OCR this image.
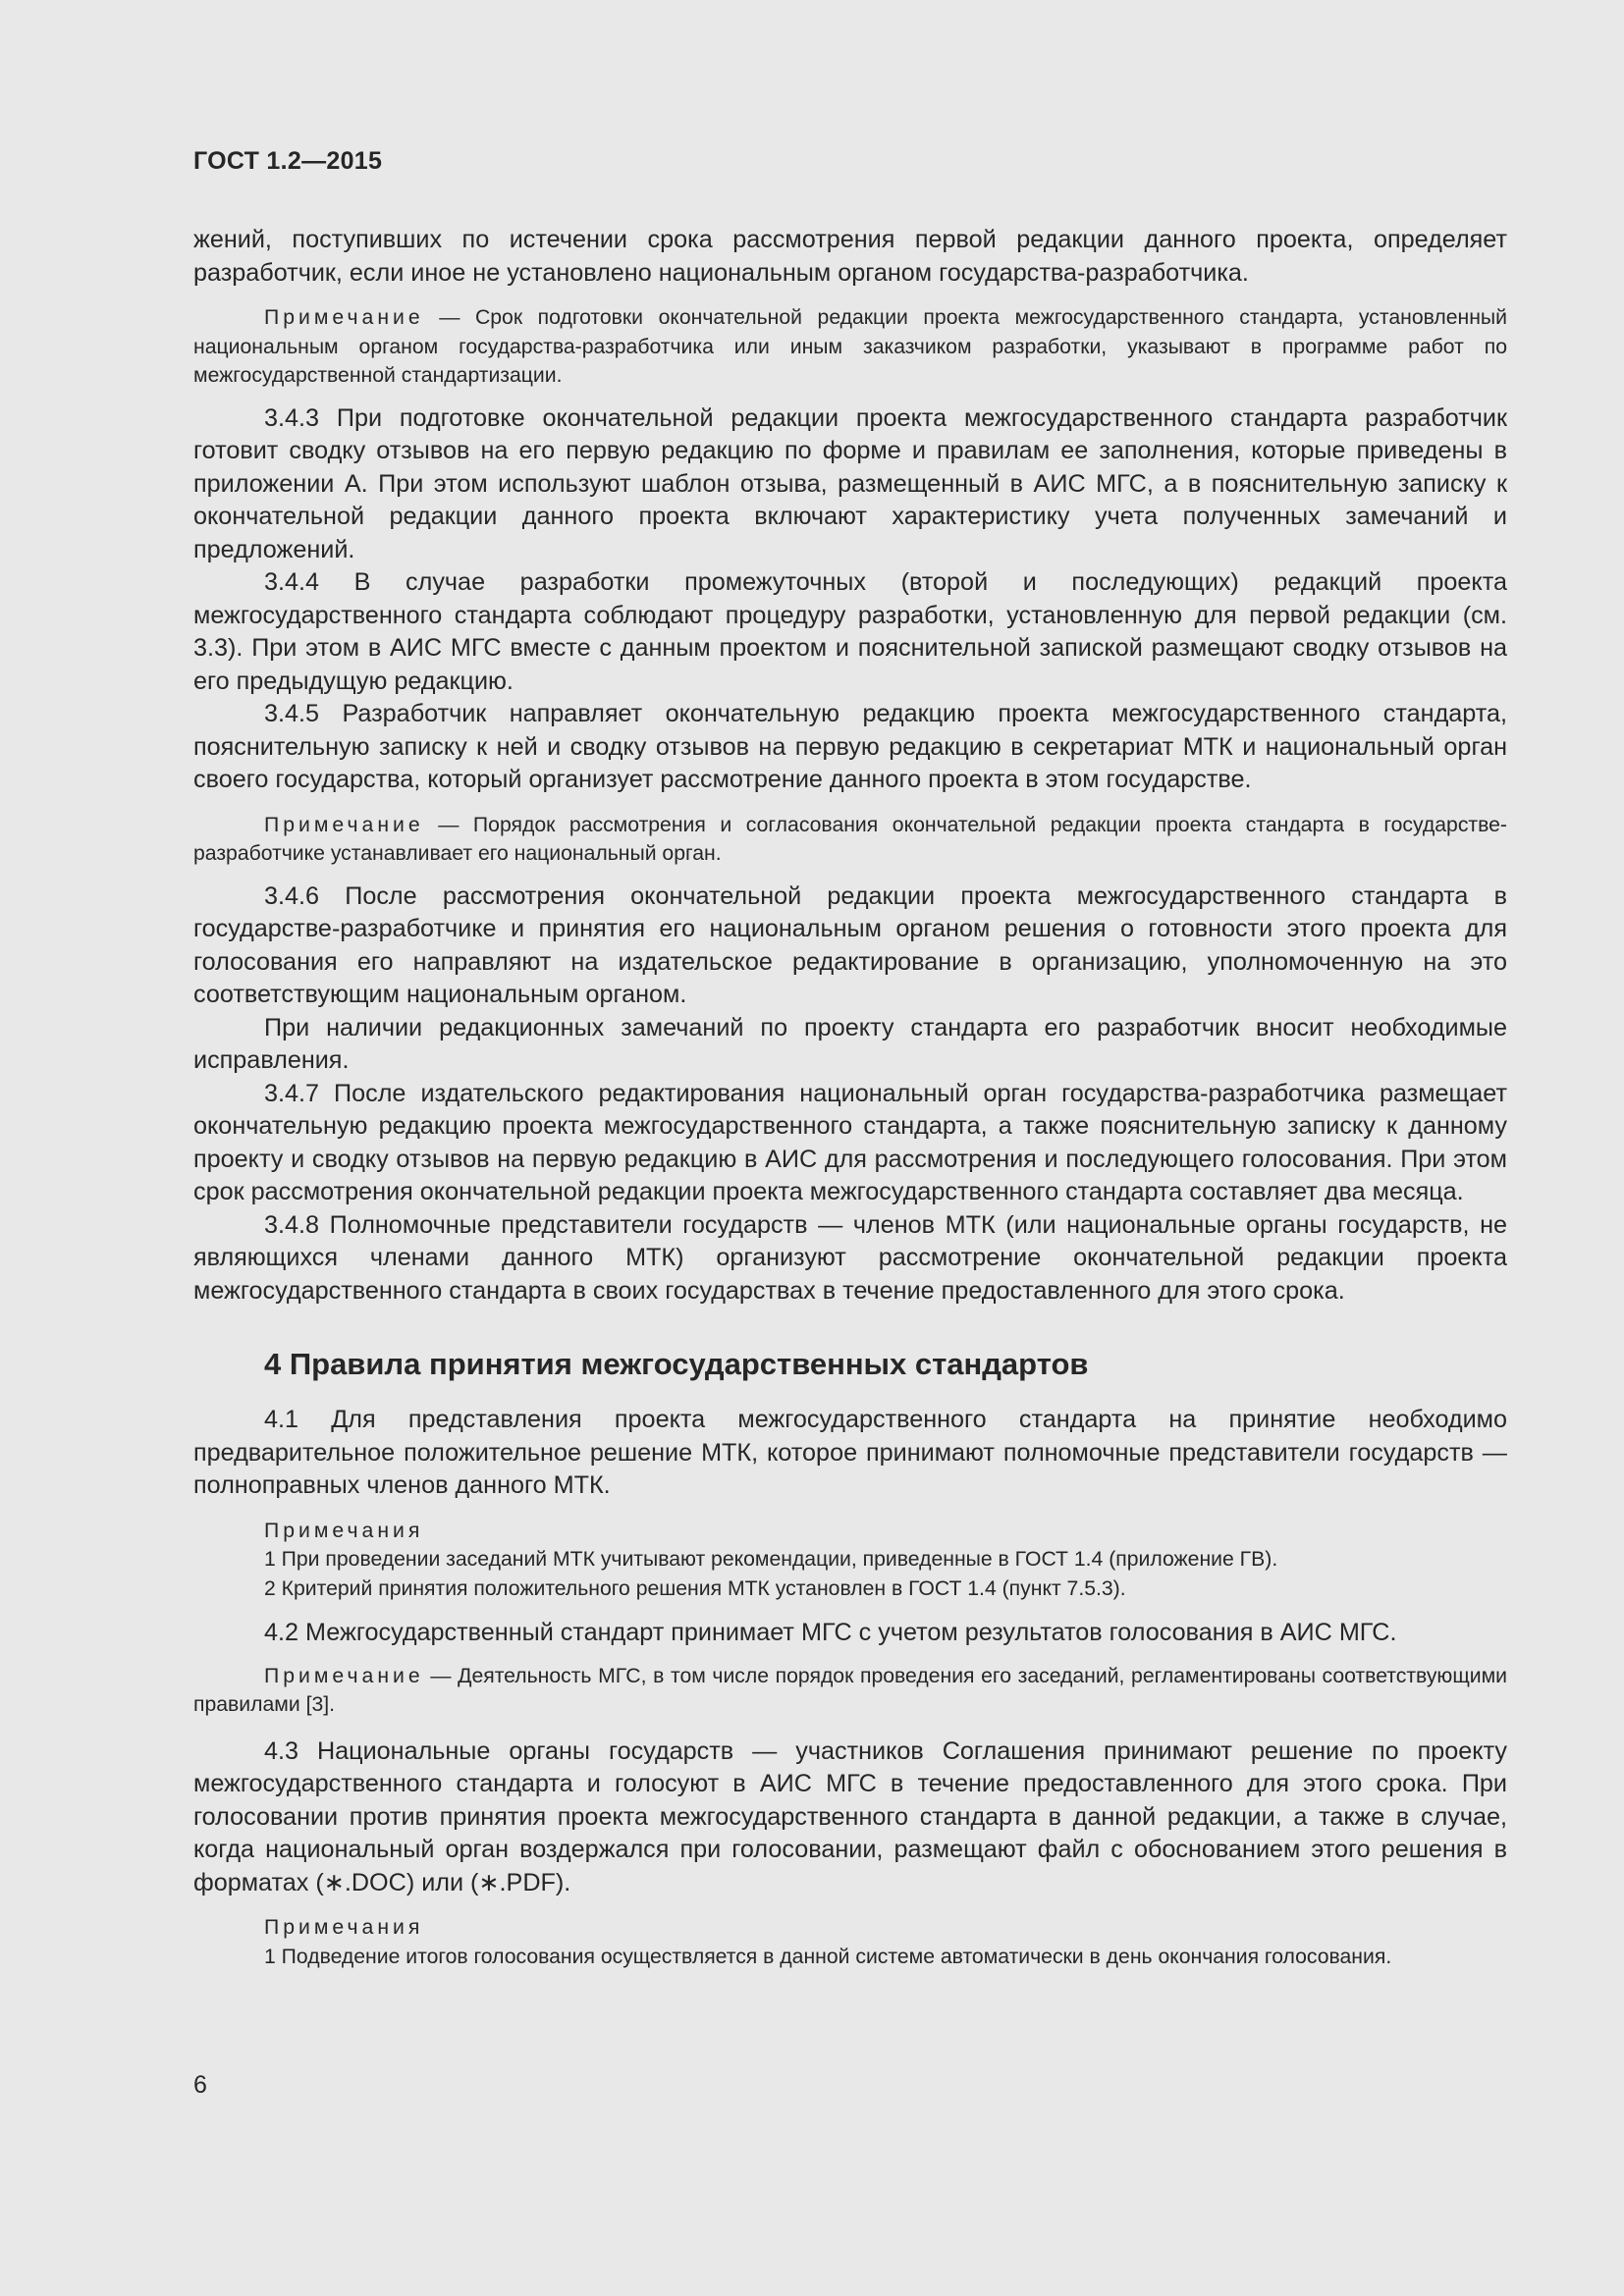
ГОСТ 1.2—2015

жений, поступивших по истечении срока рассмотрения первой редакции данного проекта, определяет разработчик, если иное не установлено национальным органом государства-разработчика.

Примечание — Срок подготовки окончательной редакции проекта межгосударственного стандарта, установленный национальным органом государства-разработчика или иным заказчиком разработки, указывают в программе работ по межгосударственной стандартизации.

3.4.3 При подготовке окончательной редакции проекта межгосударственного стандарта разработчик готовит сводку отзывов на его первую редакцию по форме и правилам ее заполнения, которые приведены в приложении А. При этом используют шаблон отзыва, размещенный в АИС МГС, а в пояснительную записку к окончательной редакции данного проекта включают характеристику учета полученных замечаний и предложений.

3.4.4 В случае разработки промежуточных (второй и последующих) редакций проекта межгосударственного стандарта соблюдают процедуру разработки, установленную для первой редакции (см. 3.3). При этом в АИС МГС вместе с данным проектом и пояснительной запиской размещают сводку отзывов на его предыдущую редакцию.

3.4.5 Разработчик направляет окончательную редакцию проекта межгосударственного стандарта, пояснительную записку к ней и сводку отзывов на первую редакцию в секретариат МТК и национальный орган своего государства, который организует рассмотрение данного проекта в этом государстве.

Примечание — Порядок рассмотрения и согласования окончательной редакции проекта стандарта в государстве-разработчике устанавливает его национальный орган.

3.4.6 После рассмотрения окончательной редакции проекта межгосударственного стандарта в государстве-разработчике и принятия его национальным органом решения о готовности этого проекта для голосования его направляют на издательское редактирование в организацию, уполномоченную на это соответствующим национальным органом.

При наличии редакционных замечаний по проекту стандарта его разработчик вносит необходимые исправления.

3.4.7 После издательского редактирования национальный орган государства-разработчика размещает окончательную редакцию проекта межгосударственного стандарта, а также пояснительную записку к данному проекту и сводку отзывов на первую редакцию в АИС для рассмотрения и последующего голосования. При этом срок рассмотрения окончательной редакции проекта межгосударственного стандарта составляет два месяца.

3.4.8 Полномочные представители государств — членов МТК (или национальные органы государств, не являющихся членами данного МТК) организуют рассмотрение окончательной редакции проекта межгосударственного стандарта в своих государствах в течение предоставленного для этого срока.

4 Правила принятия межгосударственных стандартов

4.1 Для представления проекта межгосударственного стандарта на принятие необходимо предварительное положительное решение МТК, которое принимают полномочные представители государств — полноправных членов данного МТК.

Примечания

1 При проведении заседаний МТК учитывают рекомендации, приведенные в ГОСТ 1.4 (приложение ГВ).

2 Критерий принятия положительного решения МТК установлен в ГОСТ 1.4 (пункт 7.5.3).

4.2 Межгосударственный стандарт принимает МГС с учетом результатов голосования в АИС МГС.

Примечание — Деятельность МГС, в том числе порядок проведения его заседаний, регламентированы соответствующими правилами [3].

4.3 Национальные органы государств — участников Соглашения принимают решение по проекту межгосударственного стандарта и голосуют в АИС МГС в течение предоставленного для этого срока. При голосовании против принятия проекта межгосударственного стандарта в данной редакции, а также в случае, когда национальный орган воздержался при голосовании, размещают файл с обоснованием этого решения в форматах (∗.DOC) или (∗.PDF).

Примечания

1 Подведение итогов голосования осуществляется в данной системе автоматически в день окончания голосования.

6
